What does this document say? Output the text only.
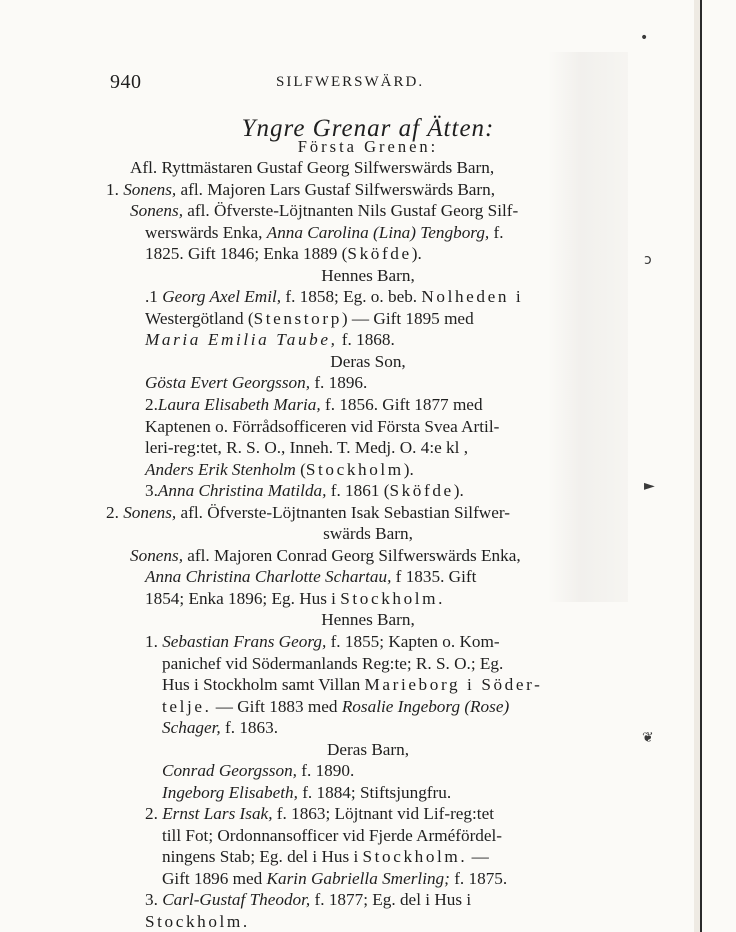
940	SILFWERSWÄRD.
Yngre Grenar af Ätten:
Första Grenen:
Afl. Ryttmästaren Gustaf Georg Silfwerswärds Barn,
1. Sonens, afl. Majoren Lars Gustaf Silfwerswärds Barn,
Sonens, afl. Öfverste-Löjtnanten Nils Gustaf Georg Silf-
werswärds Enka, Anna Carolina (Lina) Tengborg, f.
1825. Gift 1846; Enka 1889 (Sköfde).
Hennes Barn,
.1 Georg Axel Emil, f. 1858; Eg. o. beb. Nolheden i
Westergötland (Stenstorp) — Gift 1895 med
Maria Emilia Taube, f. 1868.
Deras Son,
Gösta Evert Georgsson, f. 1896.
2.Laura Elisabeth Maria, f. 1856. Gift 1877 med
Kaptenen o. Förrådsofficeren vid Första Svea Artil-
leri-reg:tet, R. S. O., Inneh. T. Medj. O. 4:e kl ,
Anders Erik Stenholm (Stockholm).
3.Anna Christina Matilda, f. 1861 (Sköfde).
2. Sonens, afl. Öfverste-Löjtnanten Isak Sebastian Silfwer-
swärds Barn,
Sonens, afl. Majoren Conrad Georg Silfwerswärds Enka,
Anna Christina Charlotte Schartau, f 1835. Gift
1854; Enka 1896; Eg. Hus i Stockholm.
Hennes Barn,
1. Sebastian Frans Georg, f. 1855; Kapten o. Kom-
panichef vid Södermanlands Reg:te; R. S. O.; Eg.
Hus i Stockholm samt Villan Marieborg i Söder-
telje. — Gift 1883 med Rosalie Ingeborg (Rose)
Schager, f. 1863.
Deras Barn,
Conrad Georgsson, f. 1890.
Ingeborg Elisabeth, f. 1884; Stiftsjungfru.
2. Ernst Lars Isak, f. 1863; Löjtnant vid Lif-reg:tet
till Fot; Ordonnansofficer vid Fjerde Arméfördel-
•
ↄ
►
❦
ningens Stab; Eg. del i Hus i Stockholm. —
Gift 1896 med Karin Gabriella Smerling; f. 1875.
3. Carl-Gustaf Theodor, f. 1877; Eg. del i Hus i
Stockholm.
